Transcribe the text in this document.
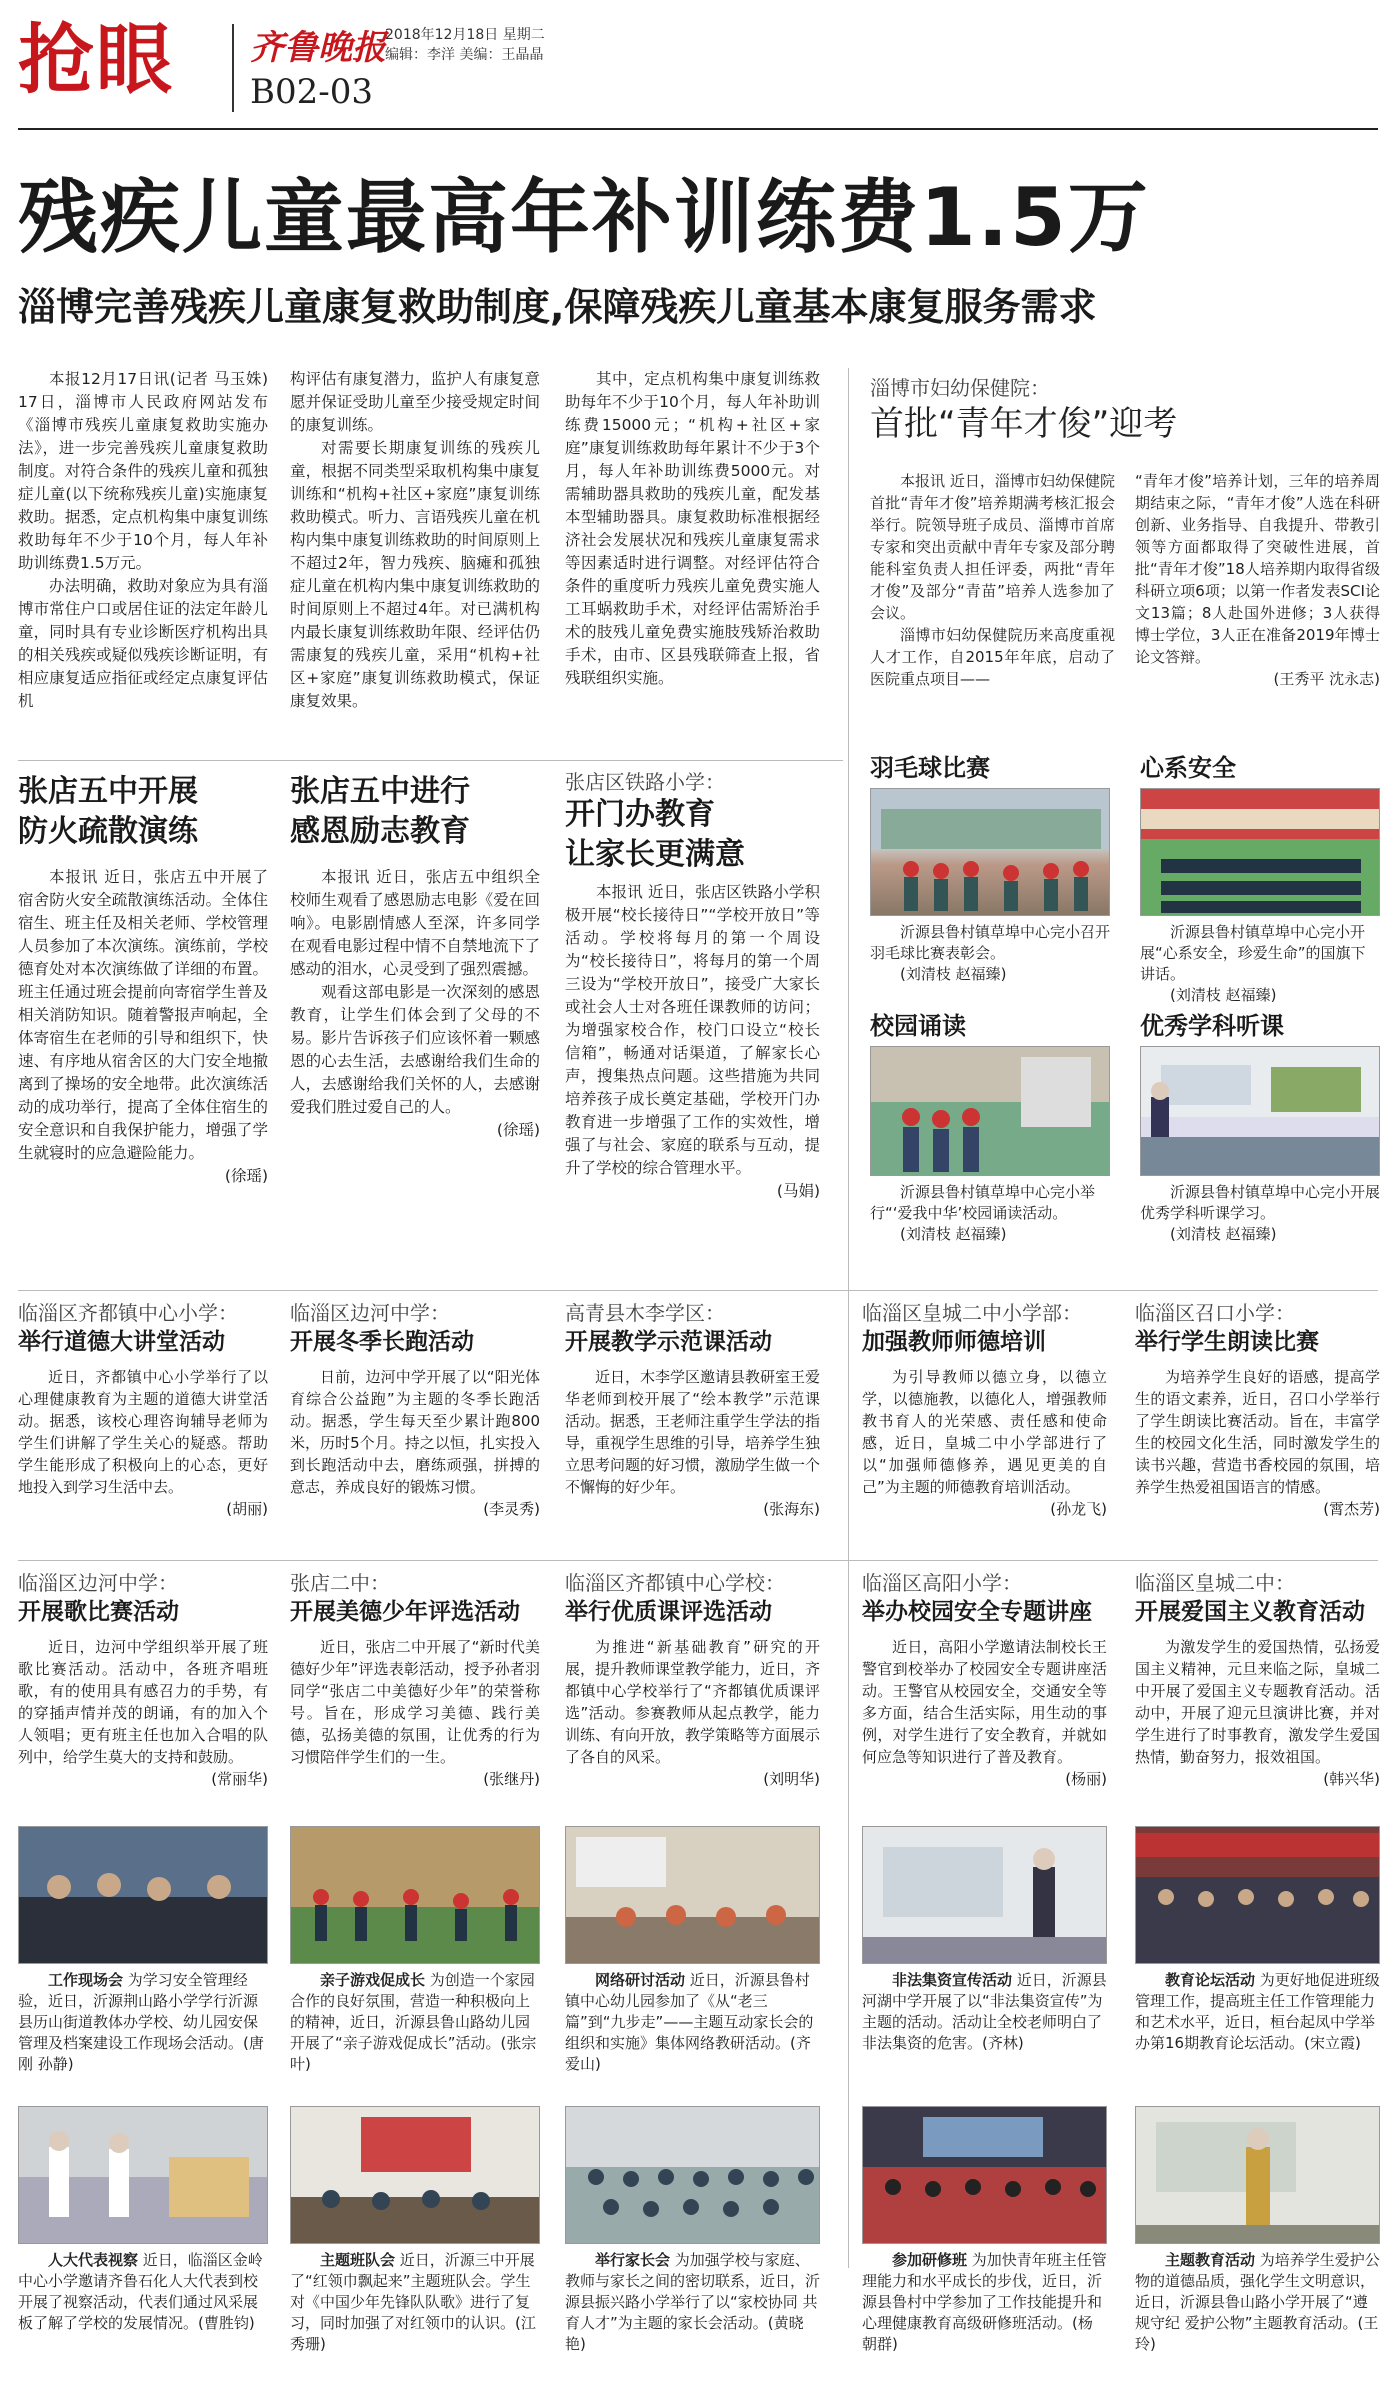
抢眼 齐鲁晚报
B02-03
2018年12月18日 星期二
编辑：李洋 美编：王晶晶
残疾儿童最高年补训练费1.5万
淄博完善残疾儿童康复救助制度,保障残疾儿童基本康复服务需求

本报12月17日讯(记者 马玉姝) 17日，淄博市人民政府网站发布《淄博市残疾儿童康复救助实施办法》，进一步完善残疾儿童康复救助制度。对符合条件的残疾儿童和孤独症儿童(以下统称残疾儿童)实施康复救助。据悉，定点机构集中康复训练救助每年不少于10个月，每人年补助训练费1.5万元。

办法明确，救助对象应为具有淄博市常住户口或居住证的法定年龄儿童，同时具有专业诊断医疗机构出具的相关残疾或疑似残疾诊断证明，有相应康复适应指征或经定点康复评估机

构评估有康复潜力，监护人有康复意愿并保证受助儿童至少接受规定时间的康复训练。

对需要长期康复训练的残疾儿童，根据不同类型采取机构集中康复训练和“机构+社区+家庭”康复训练救助模式。听力、言语残疾儿童在机构内集中康复训练救助的时间原则上不超过2年，智力残疾、脑瘫和孤独症儿童在机构内集中康复训练救助的时间原则上不超过4年。对已满机构内最长康复训练救助年限、经评估仍需康复的残疾儿童，采用“机构+社区+家庭”康复训练救助模式，保证康复效果。

其中，定点机构集中康复训练救助每年不少于10个月，每人年补助训练费15000元；“机构+社区+家庭”康复训练救助每年累计不少于3个月，每人年补助训练费5000元。对需辅助器具救助的残疾儿童，配发基本型辅助器具。康复救助标准根据经济社会发展状况和残疾儿童康复需求等因素适时进行调整。对经评估符合条件的重度听力残疾儿童免费实施人工耳蜗救助手术，对经评估需矫治手术的肢残儿童免费实施肢残矫治救助手术，由市、区县残联筛查上报，省残联组织实施。

淄博市妇幼保健院：
首批“青年才俊”迎考

本报讯 近日，淄博市妇幼保健院首批“青年才俊”培养期满考核汇报会举行。院领导班子成员、淄博市首席专家和突出贡献中青年专家及部分聘能科室负责人担任评委，两批“青年才俊”及部分“青苗”培养人选参加了会议。

淄博市妇幼保健院历来高度重视人才工作，自2015年年底，启动了医院重点项目——

“青年才俊”培养计划，三年的培养周期结束之际，“青年才俊”人选在科研创新、业务指导、自我提升、带教引领等方面都取得了突破性进展，首批“青年才俊”18人培养期内取得省级科研立项6项；以第一作者发表SCI论文13篇；8人赴国外进修；3人获得博士学位，3人正在准备2019年博士论文答辩。

(王秀平 沈永志)
张店五中开展
防火疏散演练

本报讯 近日，张店五中开展了宿舍防火安全疏散演练活动。全体住宿生、班主任及相关老师、学校管理人员参加了本次演练。演练前，学校德育处对本次演练做了详细的布置。班主任通过班会提前向寄宿学生普及相关消防知识。随着警报声响起，全体寄宿生在老师的引导和组织下，快速、有序地从宿舍区的大门安全地撤离到了操场的安全地带。此次演练活动的成功举行，提高了全体住宿生的安全意识和自我保护能力，增强了学生就寝时的应急避险能力。

(徐瑶)
张店五中进行
感恩励志教育

本报讯 近日，张店五中组织全校师生观看了感恩励志电影《爱在回响》。电影剧情感人至深，许多同学在观看电影过程中情不自禁地流下了感动的泪水，心灵受到了强烈震撼。

观看这部电影是一次深刻的感恩教育，让学生们体会到了父母的不易。影片告诉孩子们应该怀着一颗感恩的心去生活，去感谢给我们生命的人，去感谢给我们关怀的人，去感谢爱我们胜过爱自己的人。

(徐瑶)
张店区铁路小学：
开门办教育
让家长更满意

本报讯 近日，张店区铁路小学积极开展“校长接待日”“学校开放日”等活动。学校将每月的第一个周设为“校长接待日”，将每月的第一个周三设为“学校开放日”，接受广大家长或社会人士对各班任课教师的访问；为增强家校合作，校门口设立“校长信箱”，畅通对话渠道，了解家长心声，搜集热点问题。这些措施为共同培养孩子成长奠定基础，学校开门办教育进一步增强了工作的实效性，增强了与社会、家庭的联系与互动，提升了学校的综合管理水平。

(马娟)
羽毛球比赛
沂源县鲁村镇草埠中心完小召开羽毛球比赛表彰会。
(刘清枝 赵福臻)
心系安全
沂源县鲁村镇草埠中心完小开展“心系安全，珍爱生命”的国旗下讲话。
(刘清枝 赵福臻)
校园诵读
沂源县鲁村镇草埠中心完小举行“‘爱我中华’校园诵读活动。
(刘清枝 赵福臻)
优秀学科听课
沂源县鲁村镇草埠中心完小开展优秀学科听课学习。
(刘清枝 赵福臻)
临淄区齐都镇中心小学：
举行道德大讲堂活动

近日，齐都镇中心小学举行了以心理健康教育为主题的道德大讲堂活动。据悉，该校心理咨询辅导老师为学生们讲解了学生关心的疑惑。帮助学生能形成了积极向上的心态，更好地投入到学习生活中去。

(胡丽)
临淄区边河中学：
开展冬季长跑活动

日前，边河中学开展了以“阳光体育综合公益跑”为主题的冬季长跑活动。据悉，学生每天至少累计跑800米，历时5个月。持之以恒，扎实投入到长跑活动中去，磨练顽强，拼搏的意志，养成良好的锻炼习惯。

(李灵秀)
高青县木李学区：
开展教学示范课活动

近日，木李学区邀请县教研室王爱华老师到校开展了“绘本教学”示范课活动。据悉，王老师注重学生学法的指导，重视学生思维的引导，培养学生独立思考问题的好习惯，激励学生做一个不懈悔的好少年。

(张海东)
临淄区皇城二中小学部：
加强教师师德培训

为引导教师以德立身，以德立学，以德施教，以德化人，增强教师教书育人的光荣感、责任感和使命感，近日，皇城二中小学部进行了以“加强师德修养，遇见更美的自己”为主题的师德教育培训活动。

(孙龙飞)
临淄区召口小学：
举行学生朗读比赛

为培养学生良好的语感，提高学生的语文素养，近日，召口小学举行了学生朗读比赛活动。旨在，丰富学生的校园文化生活，同时激发学生的读书兴趣，营造书香校园的氛围，培养学生热爱祖国语言的情感。

(霄杰芳)
临淄区边河中学：
开展歌比赛活动

近日，边河中学组织举开展了班歌比赛活动。活动中，各班齐唱班歌，有的使用具有感召力的手势，有的穿插声情并茂的朗诵，有的加入个人领唱；更有班主任也加入合唱的队列中，给学生莫大的支持和鼓励。

(常丽华)
张店二中：
开展美德少年评选活动

近日，张店二中开展了“新时代美德好少年”评选表彰活动，授予孙者羽同学“张店二中美德好少年”的荣誉称号。旨在，形成学习美德、践行美德，弘扬美德的氛围，让优秀的行为习惯陪伴学生们的一生。

(张继丹)
临淄区齐都镇中心学校：
举行优质课评选活动

为推进“新基础教育”研究的开展，提升教师课堂教学能力，近日，齐都镇中心学校举行了“齐都镇优质课评选”活动。参赛教师从起点教学，能力训练、有向开放，教学策略等方面展示了各自的风采。

(刘明华)
临淄区高阳小学：
举办校园安全专题讲座

近日，高阳小学邀请法制校长王警官到校举办了校园安全专题讲座活动。王警官从校园安全，交通安全等多方面，结合生活实际，用生动的事例，对学生进行了安全教育，并就如何应急等知识进行了普及教育。

(杨丽)
临淄区皇城二中：
开展爱国主义教育活动

为激发学生的爱国热情，弘扬爱国主义精神，元旦来临之际，皇城二中开展了爱国主义专题教育活动。活动中，开展了迎元旦演讲比赛，并对学生进行了时事教育，激发学生爱国热情，勤奋努力，报效祖国。

(韩兴华)
工作现场会 为学习安全管理经验，近日，沂源荆山路小学学行沂源县历山街道教体办学校、幼儿园安保管理及档案建设工作现场会活动。(唐刚 孙静)
亲子游戏促成长 为创造一个家园合作的良好氛围，营造一种积极向上的精神，近日，沂源县鲁山路幼儿园开展了“亲子游戏促成长”活动。(张宗叶)
网络研讨活动 近日，沂源县鲁村镇中心幼儿园参加了《从“老三篇”到“九步走”——主题互动家长会的组织和实施》集体网络教研活动。(齐爱山)
非法集资宣传活动 近日，沂源县河湖中学开展了以“非法集资宣传”为主题的活动。活动让全校老师明白了非法集资的危害。(齐林)
教育论坛活动 为更好地促进班级管理工作，提高班主任工作管理能力和艺术水平，近日，桓台起凤中学举办第16期教育论坛活动。(宋立霞)
人大代表视察 近日，临淄区金岭中心小学邀请齐鲁石化人大代表到校开展了视察活动，代表们通过风采展板了解了学校的发展情况。(曹胜钧)
主题班队会 近日，沂源三中开展了“红领巾飘起来”主题班队会。学生对《中国少年先锋队队歌》进行了复习，同时加强了对红领巾的认识。(江秀珊)
举行家长会 为加强学校与家庭、教师与家长之间的密切联系，近日，沂源县振兴路小学举行了以“家校协同 共育人才”为主题的家长会活动。(黄晓艳)
参加研修班 为加快青年班主任管理能力和水平成长的步伐，近日，沂源县鲁村中学参加了工作技能提升和心理健康教育高级研修班活动。(杨朝群)
主题教育活动 为培养学生爱护公物的道德品质，强化学生文明意识，近日，沂源县鲁山路小学开展了“遵规守纪 爱护公物”主题教育活动。(王玲)
